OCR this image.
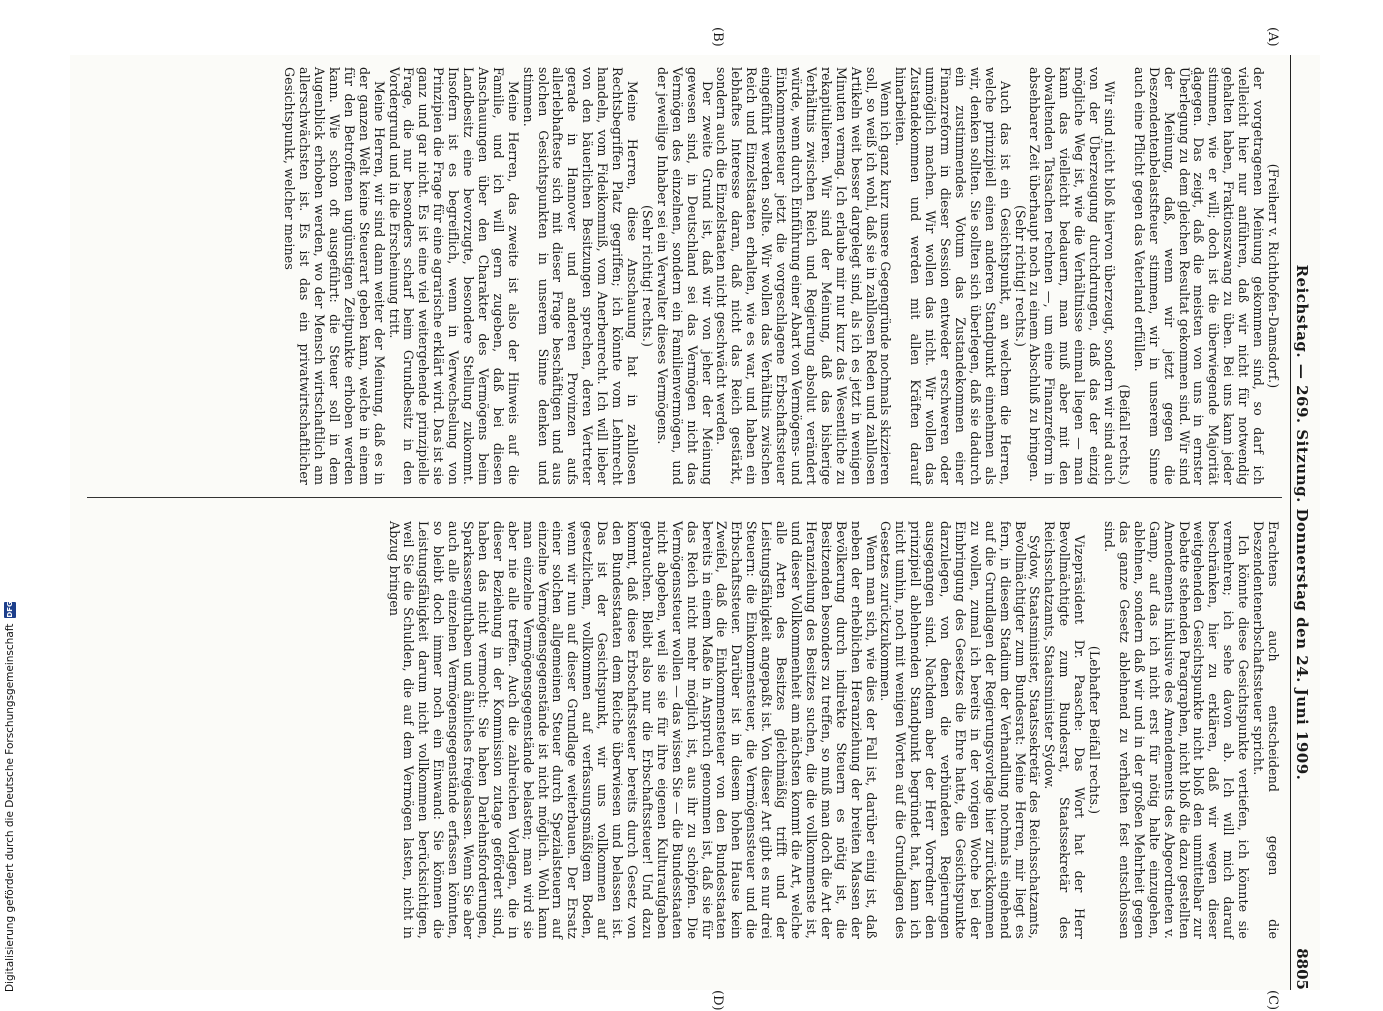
Reichstag. — 269. Sitzung. Donnerstag den 24. Juni 1909.
8805
(A)
(B)
(C)
(D)

(Freiherr v. Richthofen-Damsdorf.)

der vorgetragenen Meinung gekommen sind, so darf ich vielleicht hier nur anführen, daß wir nicht für notwendig gehalten haben, Fraktionszwang zu üben. Bei uns kann jeder stimmen, wie er will; doch ist die überwiegende Majorität dagegen. Das zeigt, daß die meisten von uns in ernster Überlegung zu dem gleichen Resultat gekommen sind. Wir sind der Meinung, daß, wenn wir jetzt gegen die Deszendentenbelastsfteuer stimmen, wir in unserem Sinne auch eine Pflicht gegen das Vaterland erfüllen.

(Beifall rechts.)

Wir sind nicht bloß hiervon überzeugt, sondern wir sind auch von der Überzeugung durchdrungen, daß das der einzig mögliche Weg ist, wie die Verhältnisse einmal liegen — man kann das vielleicht bedauern, man muß aber mit den obwaltenden Tatsachen rechnen —, um eine Finanzreform in absehbarer Zeit überhaupt noch zu einem Abschluß zu bringen.

(Sehr richtig! rechts.)

Auch das ist ein Gesichtspunkt, an welchem die Herren, welche prinzipiell einen anderen Standpunkt einnehmen als wir, denken sollten. Sie sollten sich überlegen, daß sie dadurch ein zustimmendes Votum das Zustandekommen einer Finanzreform in dieser Session entweder erschweren oder unmöglich machen. Wir wollen das nicht. Wir wollen das Zustandekommen und werden mit allen Kräften darauf hinarbeiten.

Wenn ich ganz kurz unsere Gegengründe nochmals skizzieren soll, so weiß ich wohl, daß sie in zahllosen Reden und zahllosen Artikeln weit besser dargelegt sind, als ich es jetzt in wenigen Minuten vermag. Ich erlaube mir nur kurz das Wesentliche zu rekapitulieren. Wir sind der Meinung, daß das bisherige Verhältnis zwischen Reich und Regierung absolut verändert würde, wenn durch Einführung einer Abart von Vermögens- und Einkommensteuer jetzt die vorgeschlagene Erbschaftssteuer eingeführt werden sollte. Wir wollen das Verhältnis zwischen Reich und Einzelstaaten erhalten, wie es war, und haben ein lebhaftes Interesse daran, daß nicht das Reich gestärkt, sondern auch die Einzelstaaten nicht geschwächt werden.

Der zweite Grund ist, daß wir von jeher der Meinung gewesen sind, in Deutschland sei das Vermögen nicht das Vermögen des einzelnen, sondern ein Familienvermögen, und der jeweilige Inhaber sei ein Verwalter dieses Vermögens.

(Sehr richtig! rechts.)

Meine Herren, diese Anschauung hat in zahllosen Rechtsbegriffen Platz gegriffen; ich könnte vom Lehnrecht handeln, vom Fideikommiß, vom Anerbenrecht. Ich will lieber von den bäuerlichen Besitzungen sprechen, deren Vertreter gerade in Hannover und anderen Provinzen aufs allerlebhafteste sich mit dieser Frage beschäftigen und aus solchen Gesichtspunkten in unserem Sinne denken und stimmen.

Meine Herren, das zweite ist also der Hinweis auf die Familie, und ich will gern zugeben, daß bei diesen Anschauungen über den Charakter des Vermögens beim Landbesitz eine bevorzugte, besondere Stellung zukommt. Insofern ist es begreiflich, wenn in Verwechselung von Prinzipien die Frage für eine agrarische erklärt wird. Das ist sie ganz und gar nicht. Es ist eine viel weitergehende prinzipielle Frage, die nur besonders scharf beim Grundbesitz in den Vordergrund und in die Erscheinung tritt.

Meine Herren, wir sind dann weiter der Meinung, daß es in der ganzen Welt keine Steuerart geben kann, welche in einem für den Betroffenen ungünstigen Zeitpunkte erhoben werden kann. Wie schon oft ausgeführt: die Steuer soll in dem Augenblick erhoben werden, wo der Mensch wirtschaftlich am allerschwächsten ist. Es ist das ein privatwirtschaftlicher Gesichtspunkt, welcher meines

Erachtens auch entscheidend gegen die Deszendentenerbschaftssteuer spricht.

Ich könnte diese Gesichtspunkte vertiefen, ich könnte sie vermehren; ich sehe davon ab. Ich will mich darauf beschränken, hier zu erklären, daß wir wegen dieser weitgehenden Gesichtspunkte nicht bloß den unmittelbar zur Debatte stehenden Paragraphen, nicht bloß die dazu gestellten Amendements inklusive des Amendements des Abgeordneten v. Gamp, auf das ich nicht erst für nötig halte einzugehen, ablehnen, sondern daß wir und in der großen Mehrheit gegen das ganze Gesetz ablehnend zu verhalten fest entschlossen sind.

(Lebhafter Beifall rechts.)

Vizepräsident Dr. Paasche: Das Wort hat der Herr Bevollmächtigte zum Bundesrat, Staatssekretär des Reichsschatzamts, Staatsminister Sydow.

Sydow, Staatsminister, Staatssekretär des Reichsschatzamts, Bevollmächtigter zum Bundesrat: Meine Herren, mir liegt es fern, in diesem Stadium der Verhandlung nochmals eingehend auf die Grundlagen der Regierungsvorlage hier zurückkommen zu wollen, zumal ich bereits in der vorigen Woche bei der Einbringung des Gesetzes die Ehre hatte, die Gesichtspunkte darzulegen, von denen die verbündeten Regierungen ausgegangen sind. Nachdem aber der Herr Vorredner den prinzipiell ablehnenden Standpunkt begründet hat, kann ich nicht umhin, noch mit wenigen Worten auf die Grundlagen des Gesetzes zurückzukommen.

Wenn man sich, wie dies der Fall ist, darüber einig ist, daß neben der erheblichen Heranziehung der breiten Massen der Bevölkerung durch indirekte Steuern es nötig ist, die Besitzenden besonders zu treffen, so muß man doch die Art der Heranziehung des Besitzes suchen, die die vollkommenste ist, und dieser Vollkommenheit am nächsten kommt die Art, welche alle Arten des Besitzes gleichmäßig trifft und der Leistungsfähigkeit angepaßt ist. Von dieser Art gibt es nur drei Steuern: die Einkommensteuer, die Vermögenssteuer und die Erbschaftssteuer. Darüber ist in diesem hohen Hause kein Zweifel, daß die Einkommensteuer von den Bundesstaaten bereits in einem Maße in Anspruch genommen ist, daß sie für das Reich nicht mehr möglich ist, aus ihr zu schöpfen. Die Vermögenssteuer wollen — das wissen Sie — die Bundesstaaten nicht abgeben, weil sie sie für ihre eigenen Kulturaufgaben gebrauchen. Bleibt also nur die Erbschaftssteuer! Und dazu kommt, daß diese Erbschaftssteuer bereits durch Gesetz von den Bundesstaaten dem Reiche überwiesen und belassen ist. Das ist der Gesichtspunkt, wir uns vollkommen auf gesetzlichem, vollkommen auf verfassungsmäßigem Boden, wenn wir nun auf dieser Grundlage weiterbauen. Der Ersatz einer solchen allgemeinen Steuer durch Spezialsteuern auf einzelne Vermögensgegenstände ist nicht möglich. Wohl kann man einzelne Vermögensgegenstände belasten; man wird sie aber nie alle treffen. Auch die zahlreichen Vorlagen, die in dieser Beziehung in der Kommission zutage gefördert sind, haben das nicht vermocht: Sie haben Darlehnsforderungen, Sparkassenguthaben und ähnliches freigelassen. Wenn Sie aber auch alle einzelnen Vermögensgegenstände erfassen könnten, so bleibt doch immer noch ein Einwand: Sie können die Leistungsfähigkeit darum nicht vollkommen berücksichtigen, weil Sie die Schulden, die auf dem Vermögen lasten, nicht in Abzug bringen

Digitalisierung gefördert durch die Deutsche Forschungsgemeinschaft
DFG
